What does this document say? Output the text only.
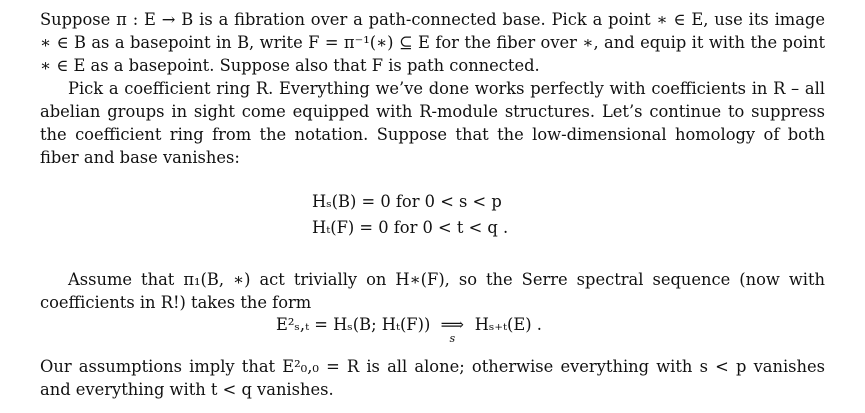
Suppose π : E → B is a fibration over a path-connected base. Pick a point ∗ ∈ E, use its image ∗ ∈ B as a basepoint in B, write F = π⁻¹(∗) ⊆ E for the fiber over ∗, and equip it with the point ∗ ∈ E as a basepoint. Suppose also that F is path connected.

Pick a coefficient ring R. Everything we’ve done works perfectly with coefficients in R – all abelian groups in sight come equipped with R-module structures. Let’s continue to suppress the coefficient ring from the notation. Suppose that the low-dimensional homology of both fiber and base vanishes:

Hₛ(B) = 0 for 0 < s < p
Hₜ(F) = 0 for 0 < t < q .

Assume that π₁(B, ∗) act trivially on H∗(F), so the Serre spectral sequence (now with coefficients in R!) takes the form

E²ₛ,ₜ = Hₛ(B; Hₜ(F))  ⟹
s
Hₛ₊ₜ(E) .

Our assumptions imply that E²₀,₀ = R is all alone; otherwise everything with s < p vanishes and everything with t < q vanishes.
